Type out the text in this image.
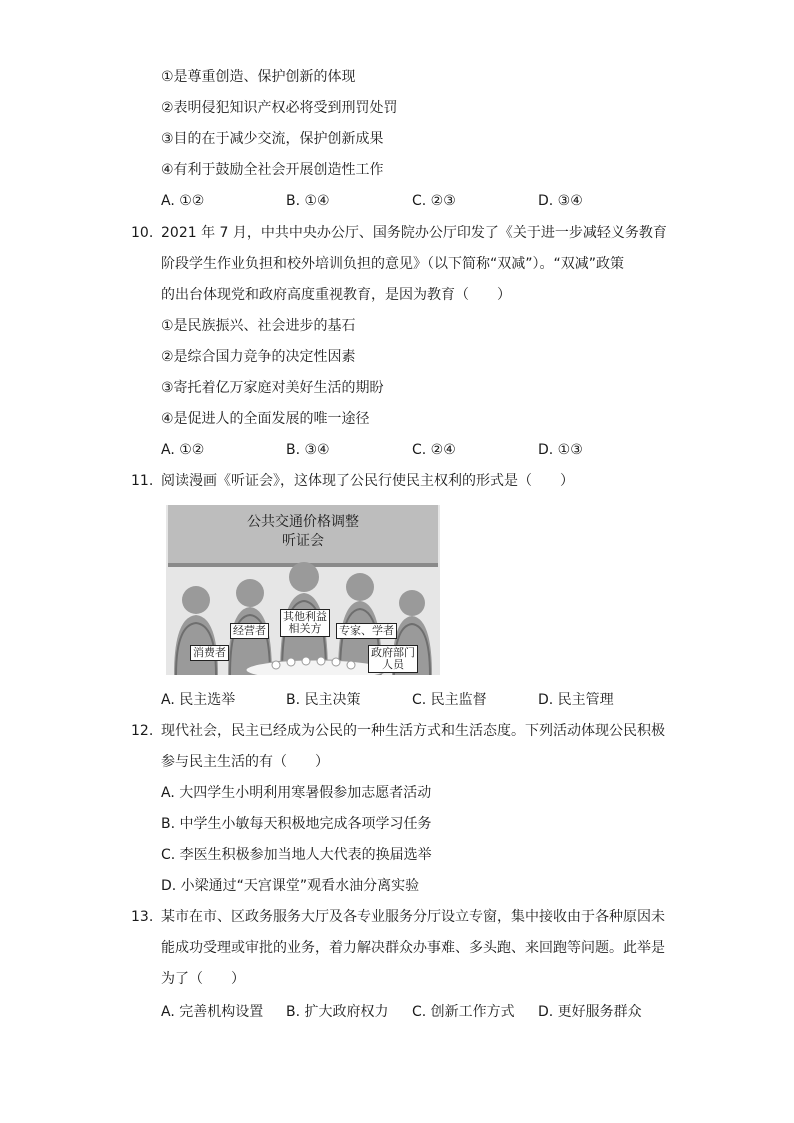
①是尊重创造、保护创新的体现
②表明侵犯知识产权必将受到刑罚处罚
③目的在于减少交流，保护创新成果
④有利于鼓励全社会开展创造性工作
A. ①②	B. ①④	C. ②③	D. ③④
10. 2021 年 7 月，中共中央办公厅、国务院办公厅印发了《关于进一步减轻义务教育
阶段学生作业负担和校外培训负担的意见》（以下简称“双减”）。“双减”政策
的出台体现党和政府高度重视教育，是因为教育（　　）
①是民族振兴、社会进步的基石
②是综合国力竞争的决定性因素
③寄托着亿万家庭对美好生活的期盼
④是促进人的全面发展的唯一途径
A. ①②	B. ③④	C. ②④	D. ①③
11. 阅读漫画《听证会》，这体现了公民行使民主权利的形式是（　　）
公共交通价格调整
听证会
消费者
经营者
其他利益
相关方	专家、学者
政府部门
人员
A. 民主选举	B. 民主决策	C. 民主监督	D. 民主管理
12. 现代社会，民主已经成为公民的一种生活方式和生活态度。下列活动体现公民积极
参与民主生活的有（　　）
A. 大四学生小明利用寒暑假参加志愿者活动
B. 中学生小敏每天积极地完成各项学习任务
C. 李医生积极参加当地人大代表的换届选举
D. 小梁通过“天宫课堂”观看水油分离实验
13. 某市在市、区政务服务大厅及各专业服务分厅设立专窗，集中接收由于各种原因未
能成功受理或审批的业务，着力解决群众办事难、多头跑、来回跑等问题。此举是
为了（　　）
A. 完善机构设置 B. 扩大政府权力 C. 创新工作方式 D. 更好服务群众
